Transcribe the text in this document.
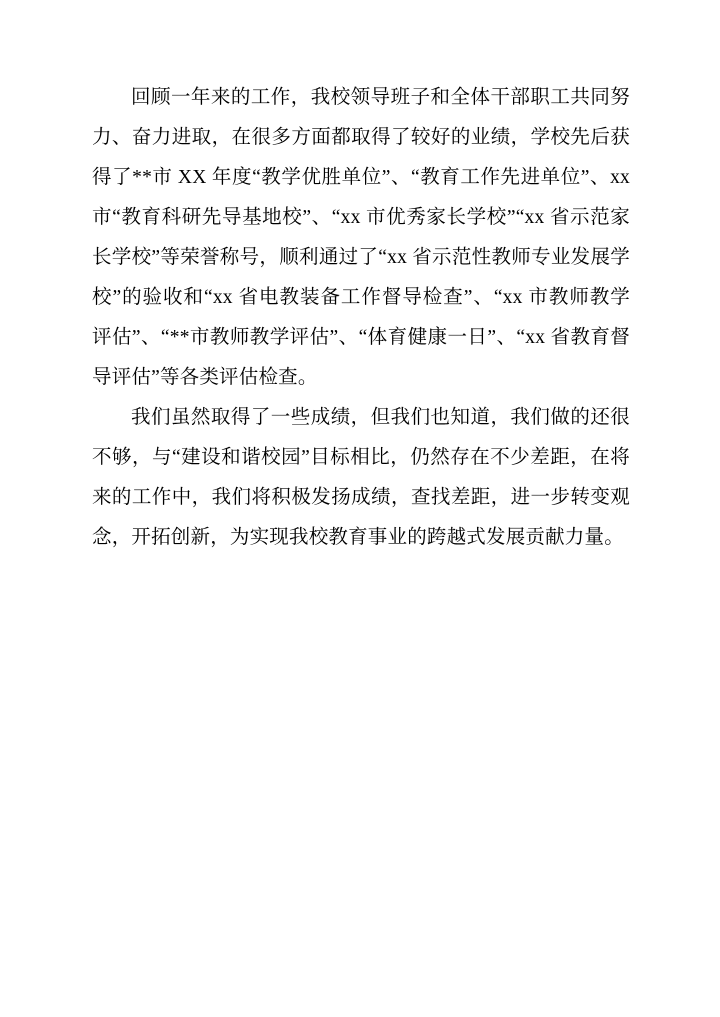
回顾一年来的工作，我校领导班子和全体干部职工共同努力、奋力进取，在很多方面都取得了较好的业绩，学校先后获得了**市 XX 年度“教学优胜单位”、“教育工作先进单位”、xx 市“教育科研先导基地校”、“xx 市优秀家长学校”“xx 省示范家长学校”等荣誉称号，顺利通过了“xx 省示范性教师专业发展学校”的验收和“xx 省电教装备工作督导检查”、“xx 市教师教学评估”、“**市教师教学评估”、“体育健康一日”、“xx 省教育督导评估”等各类评估检查。

我们虽然取得了一些成绩，但我们也知道，我们做的还很不够，与“建设和谐校园”目标相比，仍然存在不少差距，在将来的工作中，我们将积极发扬成绩，查找差距，进一步转变观念，开拓创新，为实现我校教育事业的跨越式发展贡献力量。
